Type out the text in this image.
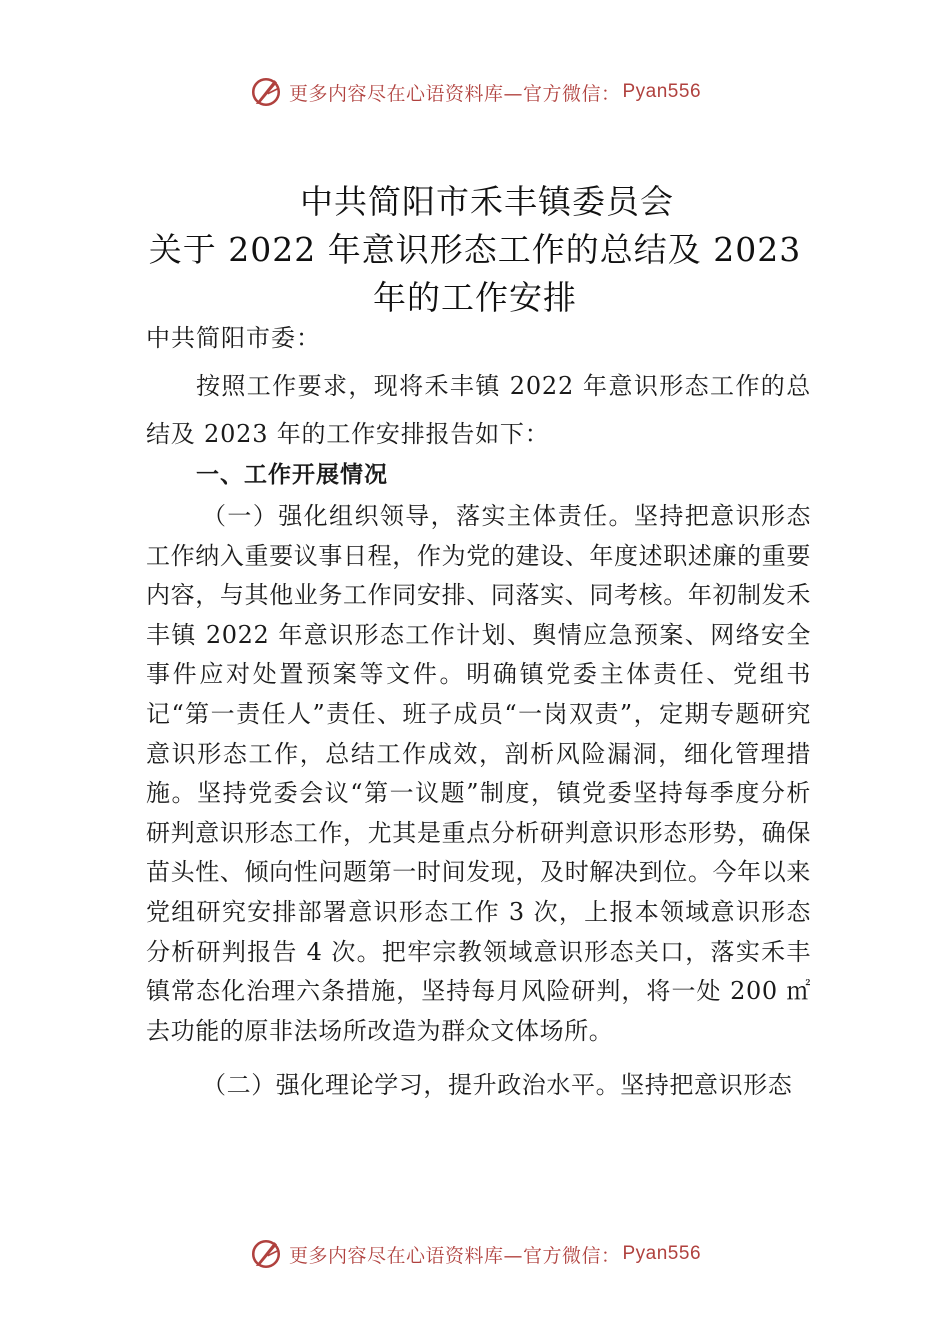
更多内容尽在心语资料库—官方微信： Pyan556
中共简阳市禾丰镇委员会
关于 2022 年意识形态工作的总结及 2023
年的工作安排
中共简阳市委：
按照工作要求，现将禾丰镇 2022 年意识形态工作的总结及 2023 年的工作安排报告如下：
一、工作开展情况
（一）强化组织领导，落实主体责任。坚持把意识形态工作纳入重要议事日程，作为党的建设、年度述职述廉的重要内容，与其他业务工作同安排、同落实、同考核。年初制发禾丰镇 2022 年意识形态工作计划、舆情应急预案、网络安全事件应对处置预案等文件。明确镇党委主体责任、党组书记“第一责任人”责任、班子成员“一岗双责”，定期专题研究意识形态工作，总结工作成效，剖析风险漏洞，细化管理措施。坚持党委会议“第一议题”制度，镇党委坚持每季度分析研判意识形态工作，尤其是重点分析研判意识形态形势，确保苗头性、倾向性问题第一时间发现，及时解决到位。今年以来党组研究安排部署意识形态工作 3 次，上报本领域意识形态分析研判报告 4 次。把牢宗教领域意识形态关口，落实禾丰镇常态化治理六条措施，坚持每月风险研判，将一处 200 ㎡去功能的原非法场所改造为群众文体场所。
（二）强化理论学习，提升政治水平。坚持把意识形态
更多内容尽在心语资料库—官方微信： Pyan556
